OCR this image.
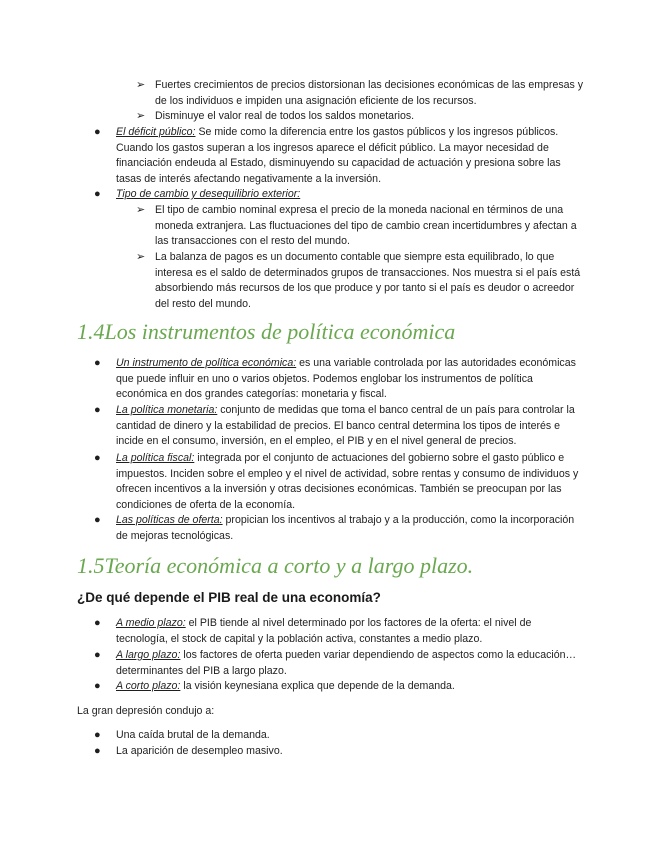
➢ Fuertes crecimientos de precios distorsionan las decisiones económicas de las empresas y de los individuos e impiden una asignación eficiente de los recursos.
➢ Disminuye el valor real de todos los saldos monetarios.
● El déficit público: Se mide como la diferencia entre los gastos públicos y los ingresos públicos. Cuando los gastos superan a los ingresos aparece el déficit público. La mayor necesidad de financiación endeuda al Estado, disminuyendo su capacidad de actuación y presiona sobre las tasas de interés afectando negativamente a la inversión.
● Tipo de cambio y desequilibrio exterior:
➢ El tipo de cambio nominal expresa el precio de la moneda nacional en términos de una moneda extranjera. Las fluctuaciones del tipo de cambio crean incertidumbres y afectan a las transacciones con el resto del mundo.
➢ La balanza de pagos es un documento contable que siempre esta equilibrado, lo que interesa es el saldo de determinados grupos de transacciones. Nos muestra si el país está absorbiendo más recursos de los que produce y por tanto si el país es deudor o acreedor del resto del mundo.
1.4Los instrumentos de política económica
● Un instrumento de política económica: es una variable controlada por las autoridades económicas que puede influir en uno o varios objetos. Podemos englobar los instrumentos de política económica en dos grandes categorías: monetaria y fiscal.
● La política monetaria: conjunto de medidas que toma el banco central de un país para controlar la cantidad de dinero y la estabilidad de precios. El banco central determina los tipos de interés e incide en el consumo, inversión, en el empleo, el PIB y en el nivel general de precios.
● La política fiscal: integrada por el conjunto de actuaciones del gobierno sobre el gasto público e impuestos. Inciden sobre el empleo y el nivel de actividad, sobre rentas y consumo de individuos y ofrecen incentivos a la inversión y otras decisiones económicas. También se preocupan por las condiciones de oferta de la economía.
● Las políticas de oferta: propician los incentivos al trabajo y a la producción, como la incorporación de mejoras tecnológicas.
1.5Teoría económica a corto y a largo plazo.
¿De qué depende el PIB real de una economía?
● A medio plazo: el PIB tiende al nivel determinado por los factores de la oferta: el nivel de tecnología, el stock de capital y la población activa, constantes a medio plazo.
● A largo plazo: los factores de oferta pueden variar dependiendo de aspectos como la educación… determinantes del PIB a largo plazo.
● A corto plazo: la visión keynesiana explica que depende de la demanda.

La gran depresión condujo a:

● Una caída brutal de la demanda.
● La aparición de desempleo masivo.
